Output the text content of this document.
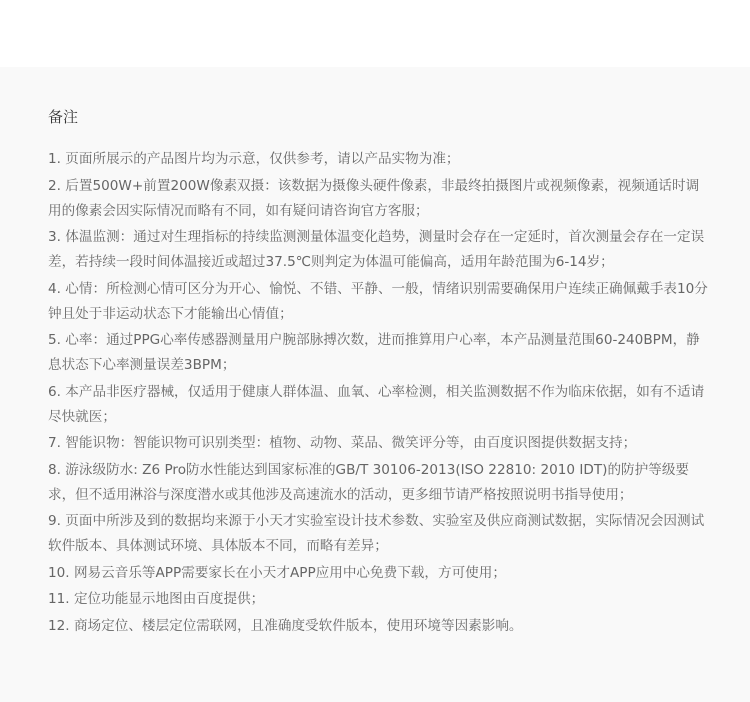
备注
1. 页面所展示的产品图片均为示意，仅供参考，请以产品实物为准；
2. 后置500W+前置200W像素双摄：该数据为摄像头硬件像素，非最终拍摄图片或视频像素，视频通话时调用的像素会因实际情况而略有不同，如有疑问请咨询官方客服；
3. 体温监测：通过对生理指标的持续监测测量体温变化趋势，测量时会存在一定延时，首次测量会存在一定误差，若持续一段时间体温接近或超过37.5℃则判定为体温可能偏高，适用年龄范围为6-14岁；
4. 心情：所检测心情可区分为开心、愉悦、不错、平静、一般，情绪识别需要确保用户连续正确佩戴手表10分钟且处于非运动状态下才能输出心情值；
5. 心率：通过PPG心率传感器测量用户腕部脉搏次数，进而推算用户心率，本产品测量范围60-240BPM，静息状态下心率测量误差3BPM；
6. 本产品非医疗器械，仅适用于健康人群体温、血氧、心率检测，相关监测数据不作为临床依据，如有不适请尽快就医；
7. 智能识物：智能识物可识别类型：植物、动物、菜品、微笑评分等，由百度识图提供数据支持；
8. 游泳级防水: Z6 Pro防水性能达到国家标准的GB/T 30106-2013(ISO 22810: 2010 IDT)的防护等级要求，但不适用淋浴与深度潜水或其他涉及高速流水的活动，更多细节请严格按照说明书指导使用；
9. 页面中所涉及到的数据均来源于小天才实验室设计技术参数、实验室及供应商测试数据，实际情况会因测试软件版本、具体测试环境、具体版本不同，而略有差异；
10. 网易云音乐等APP需要家长在小天才APP应用中心免费下载，方可使用；
11. 定位功能显示地图由百度提供；
12. 商场定位、楼层定位需联网，且准确度受软件版本，使用环境等因素影响。
